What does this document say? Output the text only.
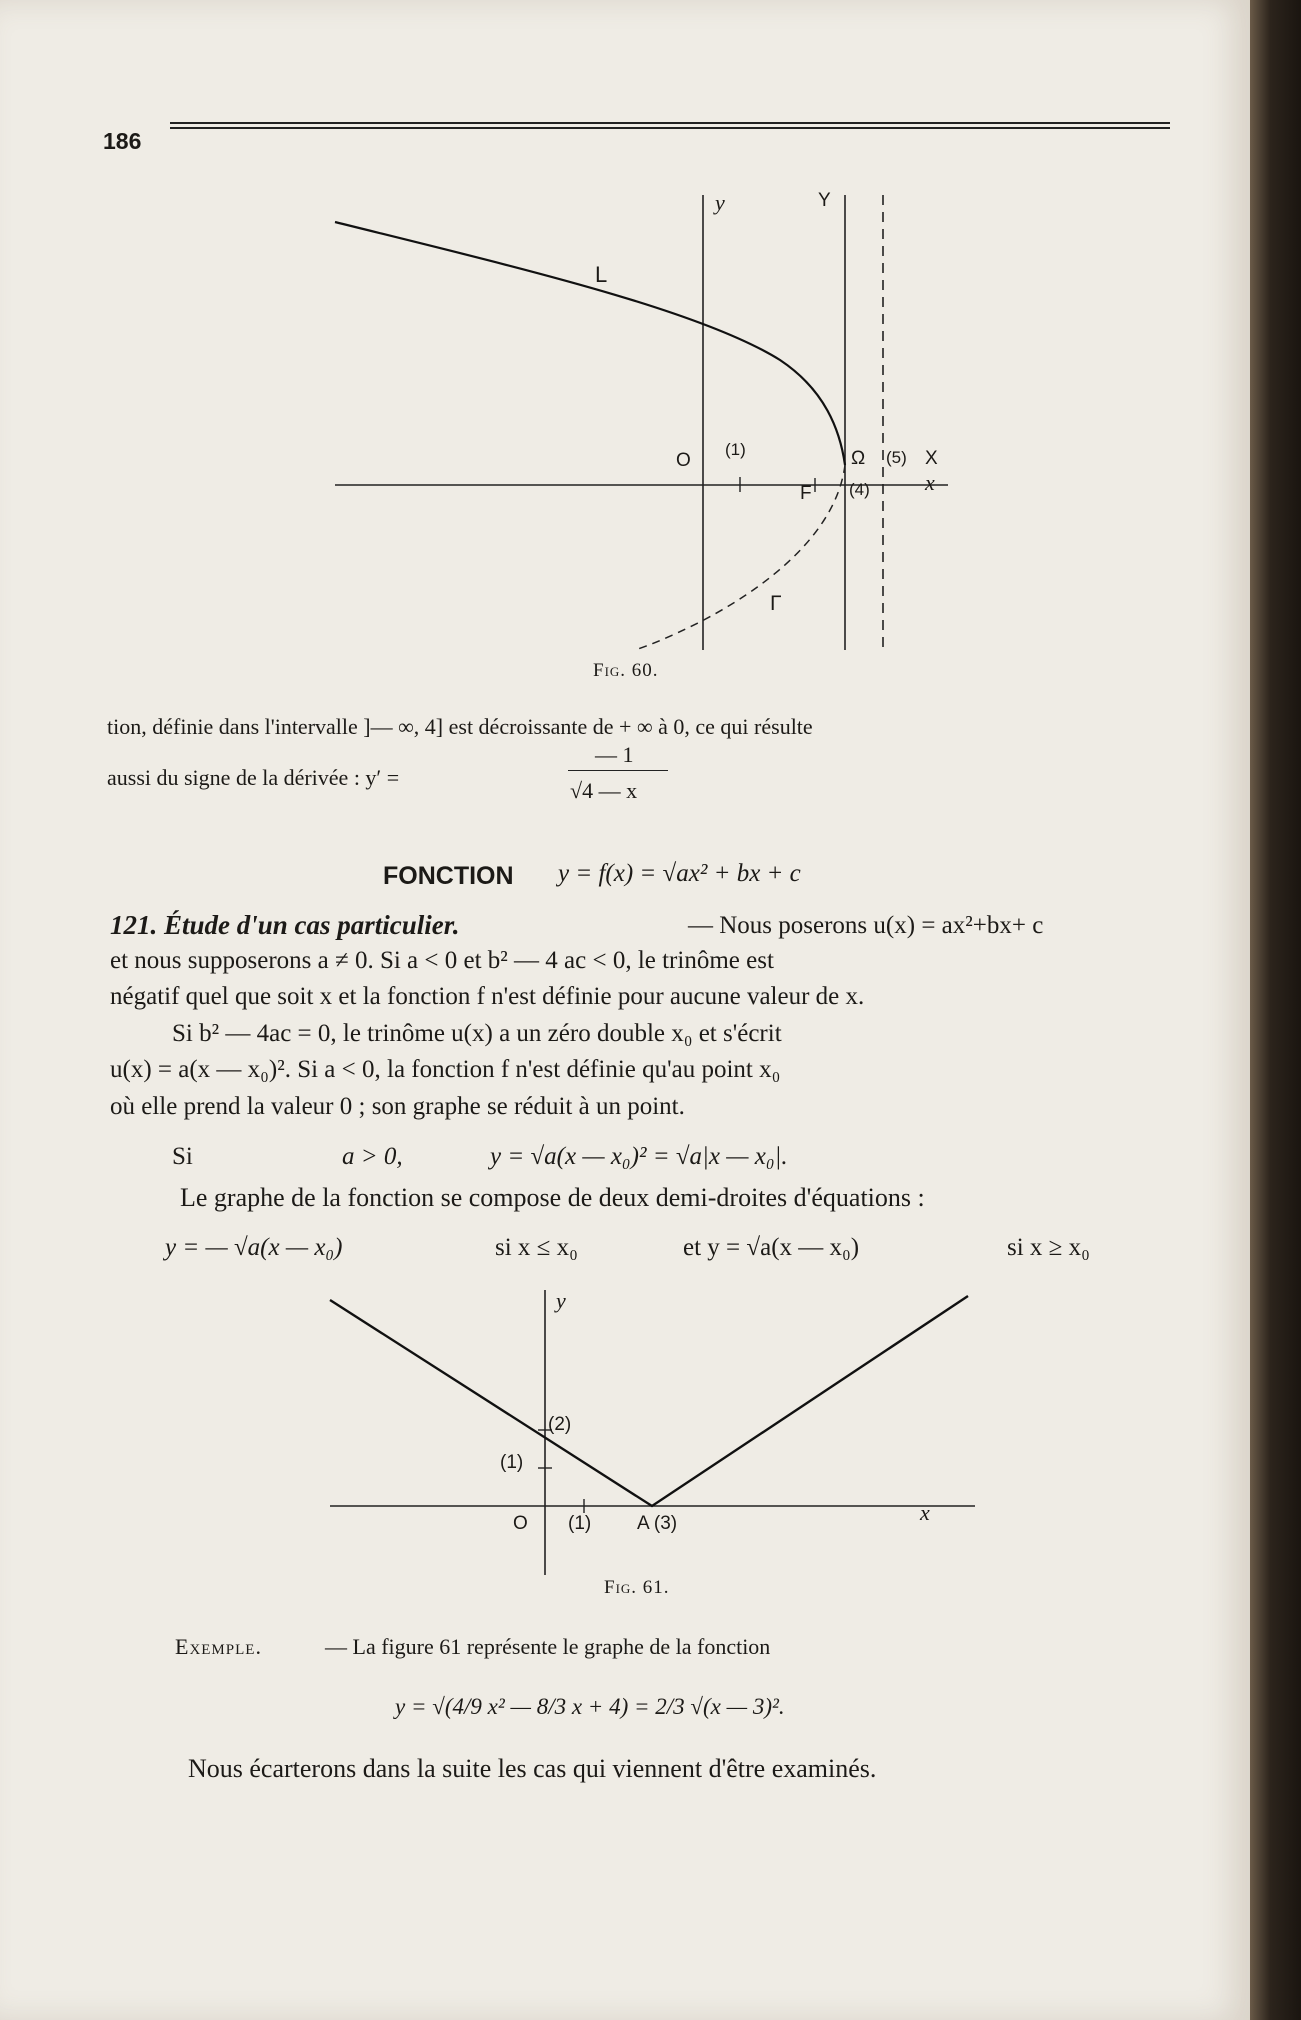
186
y	Y
L
O
(1)	Ω (5) X
F (4)	x
Γ
Fig. 60.
tion, définie dans l'intervalle ]— ∞, 4] est décroissante de + ∞ à 0, ce qui résulte
aussi du signe de la dérivée : y′ =
— 1
√4 — x
FONCTION y = f(x) = √ax² + bx + c
121. Étude d'un cas particulier.	— Nous poserons u(x) = ax²+bx+ c
et nous supposerons a ≠ 0. Si a < 0 et b² — 4 ac < 0, le trinôme est
négatif quel que soit x et la fonction f n'est définie pour aucune valeur de x.
Si b² — 4ac = 0, le trinôme u(x) a un zéro double x₀ et s'écrit
u(x) = a(x — x₀)². Si a < 0, la fonction f n'est définie qu'au point x₀
où elle prend la valeur 0 ; son graphe se réduit à un point.
Si	a > 0,	y = √a(x — x₀)² = √a|x — x₀|.
Le graphe de la fonction se compose de deux demi-droites d'équations :
y = — √a(x — x₀)	si x ≤ x₀	et y = √a(x — x₀)	si x ≥ x₀
y
(2)
(1)
O (1) A (3)	x
Fig. 61.
Exemple.	— La figure 61 représente le graphe de la fonction
y = √(4/9 x² — 8/3 x + 4) = 2/3 √(x — 3)².
Nous écarterons dans la suite les cas qui viennent d'être examinés.
